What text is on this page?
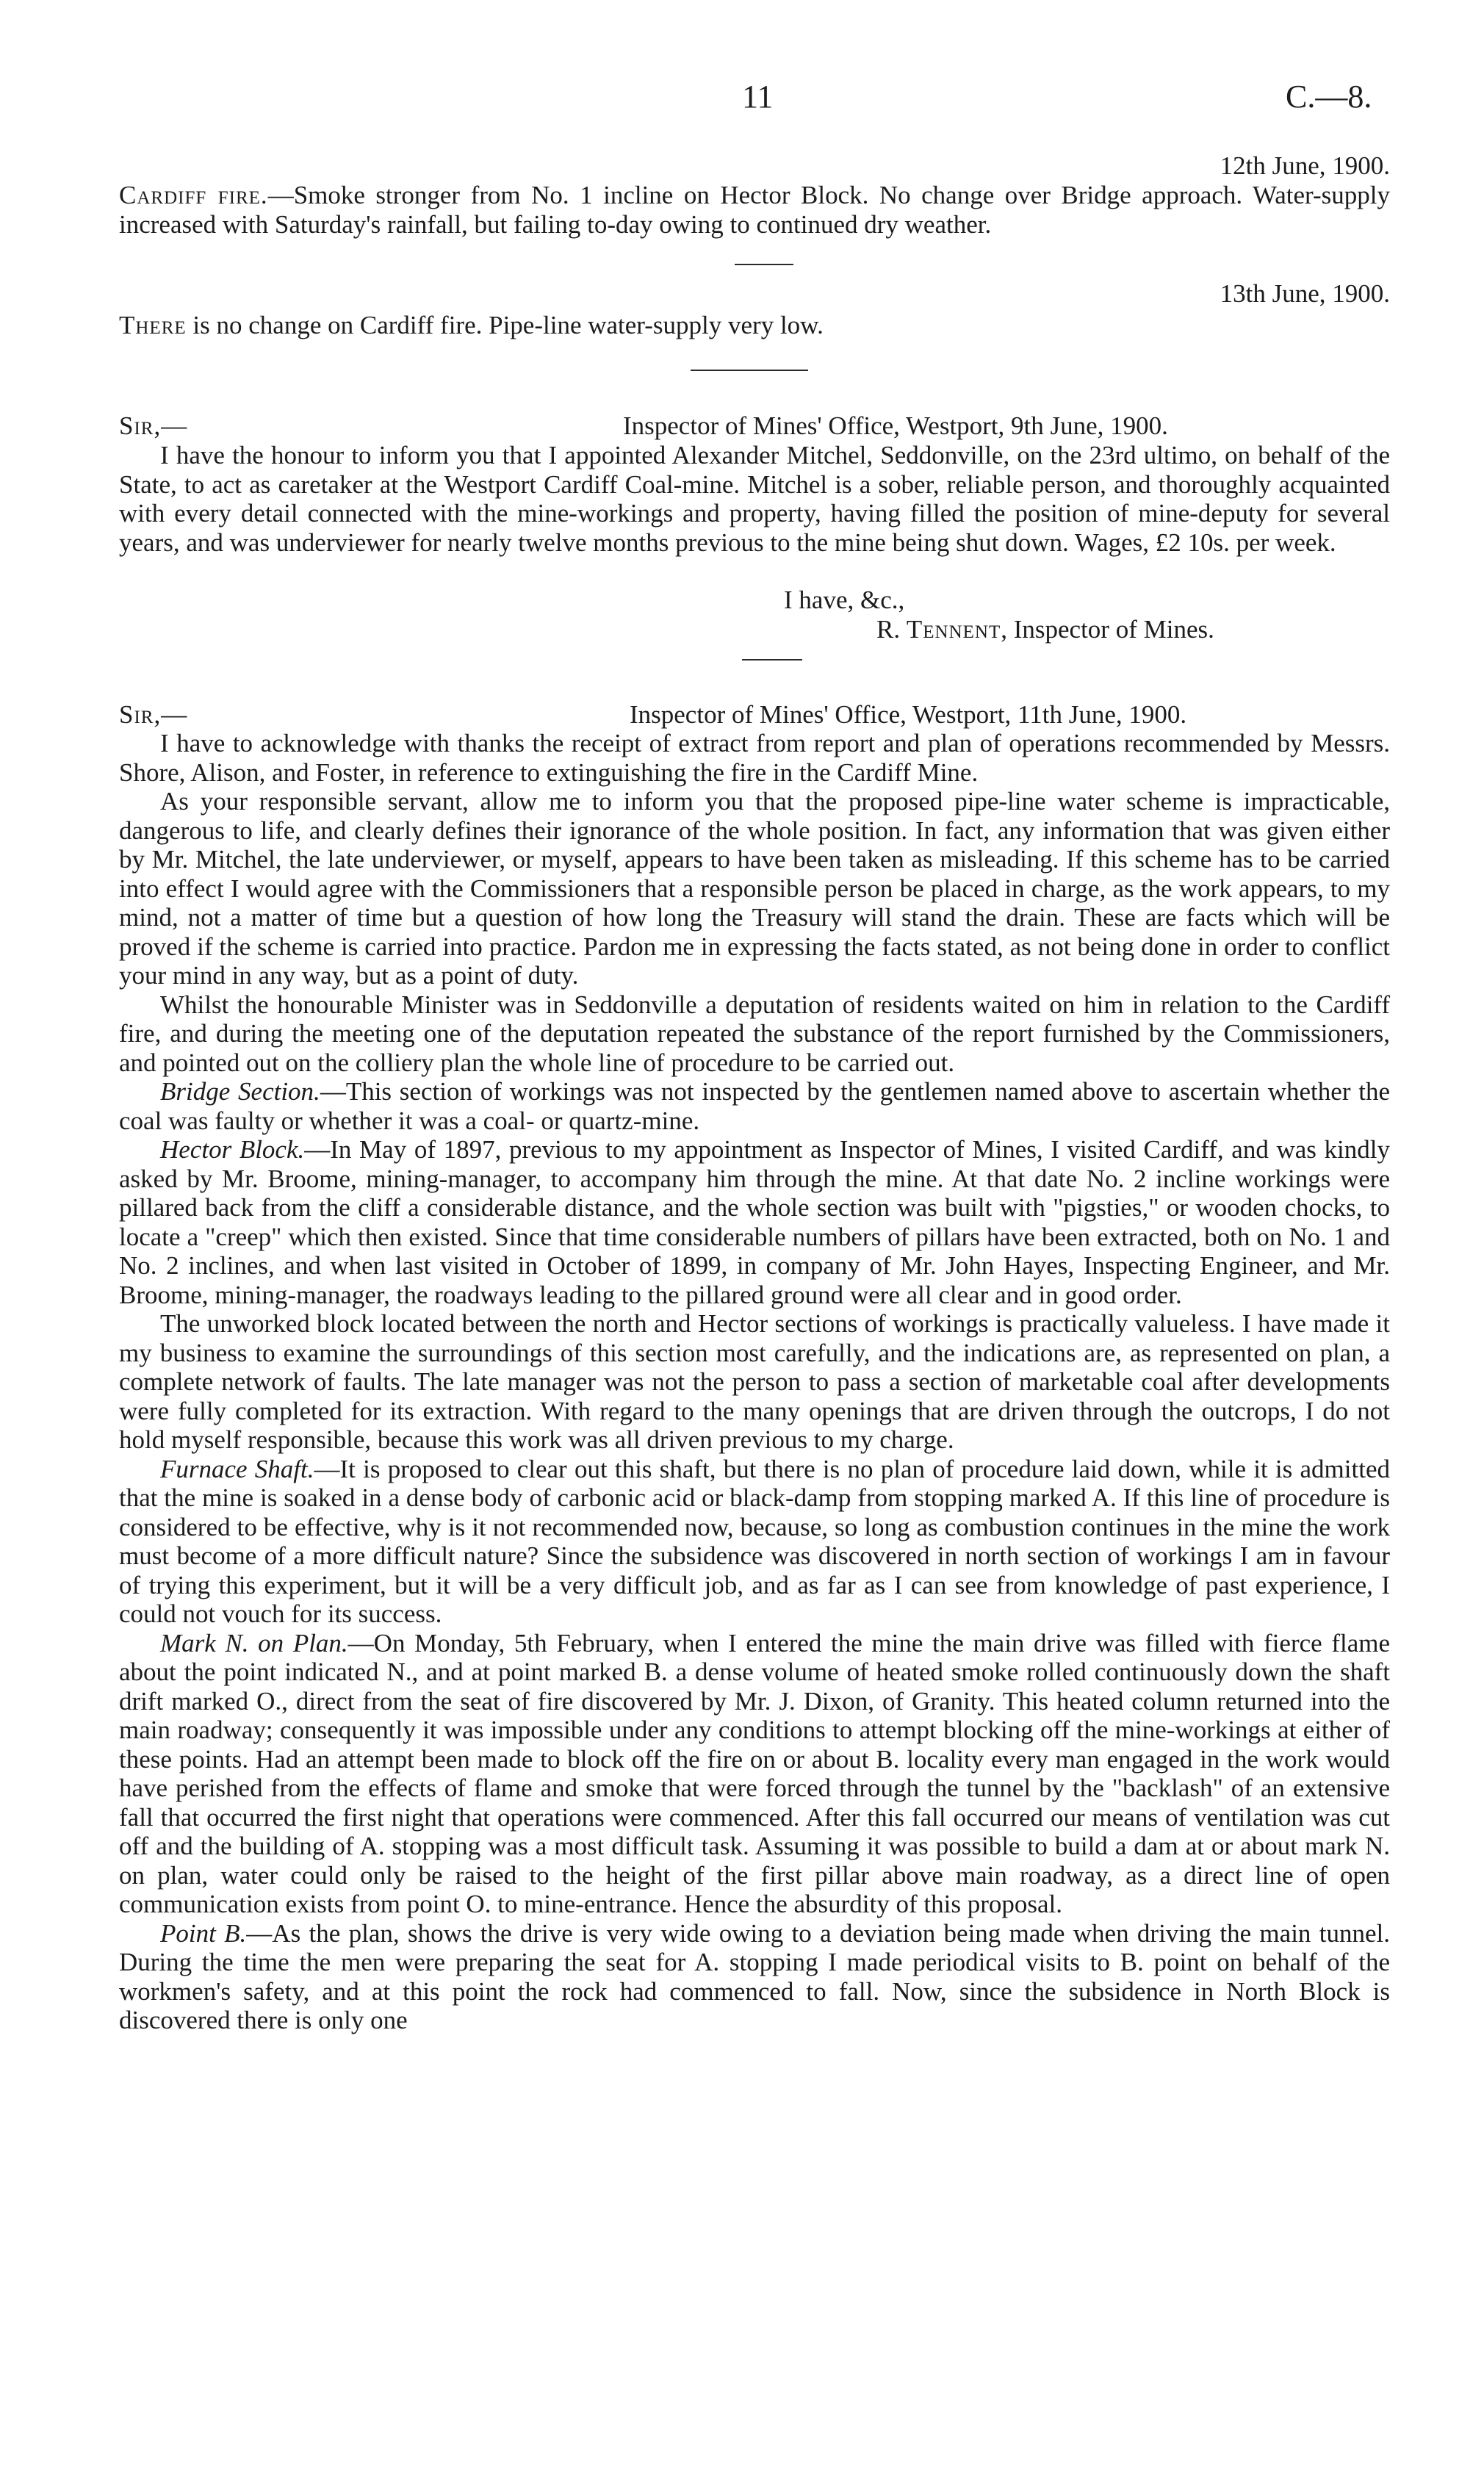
11	C.—8.
12th June, 1900.

Cardiff fire.—Smoke stronger from No. 1 incline on Hector Block. No change over Bridge approach. Water-supply increased with Saturday's rainfall, but failing to-day owing to continued dry weather.

13th June, 1900.

There is no change on Cardiff fire. Pipe-line water-supply very low.

Sir,—	Inspector of Mines' Office, Westport, 9th June, 1900.

I have the honour to inform you that I appointed Alexander Mitchel, Seddonville, on the 23rd ultimo, on behalf of the State, to act as caretaker at the Westport Cardiff Coal-mine. Mitchel is a sober, reliable person, and thoroughly acquainted with every detail connected with the mine-workings and property, having filled the position of mine-deputy for several years, and was underviewer for nearly twelve months previous to the mine being shut down. Wages, £2 10s. per week.

I have, &c.,
R. Tennent, Inspector of Mines.
Sir,—	Inspector of Mines' Office, Westport, 11th June, 1900.

I have to acknowledge with thanks the receipt of extract from report and plan of operations recommended by Messrs. Shore, Alison, and Foster, in reference to extinguishing the fire in the Cardiff Mine.

As your responsible servant, allow me to inform you that the proposed pipe-line water scheme is impracticable, dangerous to life, and clearly defines their ignorance of the whole position. In fact, any information that was given either by Mr. Mitchel, the late underviewer, or myself, appears to have been taken as misleading. If this scheme has to be carried into effect I would agree with the Commissioners that a responsible person be placed in charge, as the work appears, to my mind, not a matter of time but a question of how long the Treasury will stand the drain. These are facts which will be proved if the scheme is carried into practice. Pardon me in expressing the facts stated, as not being done in order to conflict your mind in any way, but as a point of duty.

Whilst the honourable Minister was in Seddonville a deputation of residents waited on him in relation to the Cardiff fire, and during the meeting one of the deputation repeated the substance of the report furnished by the Commissioners, and pointed out on the colliery plan the whole line of procedure to be carried out.

Bridge Section.—This section of workings was not inspected by the gentlemen named above to ascertain whether the coal was faulty or whether it was a coal- or quartz-mine.

Hector Block.—In May of 1897, previous to my appointment as Inspector of Mines, I visited Cardiff, and was kindly asked by Mr. Broome, mining-manager, to accompany him through the mine. At that date No. 2 incline workings were pillared back from the cliff a considerable distance, and the whole section was built with "pigsties," or wooden chocks, to locate a "creep" which then existed. Since that time considerable numbers of pillars have been extracted, both on No. 1 and No. 2 inclines, and when last visited in October of 1899, in company of Mr. John Hayes, Inspecting Engineer, and Mr. Broome, mining-manager, the roadways leading to the pillared ground were all clear and in good order.

The unworked block located between the north and Hector sections of workings is practically valueless. I have made it my business to examine the surroundings of this section most carefully, and the indications are, as represented on plan, a complete network of faults. The late manager was not the person to pass a section of marketable coal after developments were fully completed for its extraction. With regard to the many openings that are driven through the outcrops, I do not hold myself responsible, because this work was all driven previous to my charge.

Furnace Shaft.—It is proposed to clear out this shaft, but there is no plan of procedure laid down, while it is admitted that the mine is soaked in a dense body of carbonic acid or black-damp from stopping marked A. If this line of procedure is considered to be effective, why is it not recommended now, because, so long as combustion continues in the mine the work must become of a more difficult nature? Since the subsidence was discovered in north section of workings I am in favour of trying this experiment, but it will be a very difficult job, and as far as I can see from knowledge of past experience, I could not vouch for its success.

Mark N. on Plan.—On Monday, 5th February, when I entered the mine the main drive was filled with fierce flame about the point indicated N., and at point marked B. a dense volume of heated smoke rolled continuously down the shaft drift marked O., direct from the seat of fire discovered by Mr. J. Dixon, of Granity. This heated column returned into the main roadway; consequently it was impossible under any conditions to attempt blocking off the mine-workings at either of these points. Had an attempt been made to block off the fire on or about B. locality every man engaged in the work would have perished from the effects of flame and smoke that were forced through the tunnel by the "backlash" of an extensive fall that occurred the first night that operations were commenced. After this fall occurred our means of ventilation was cut off and the building of A. stopping was a most difficult task. Assuming it was possible to build a dam at or about mark N. on plan, water could only be raised to the height of the first pillar above main roadway, as a direct line of open communication exists from point O. to mine-entrance. Hence the absurdity of this proposal.

Point B.—As the plan, shows the drive is very wide owing to a deviation being made when driving the main tunnel. During the time the men were preparing the seat for A. stopping I made periodical visits to B. point on behalf of the workmen's safety, and at this point the rock had commenced to fall. Now, since the subsidence in North Block is discovered there is only one
